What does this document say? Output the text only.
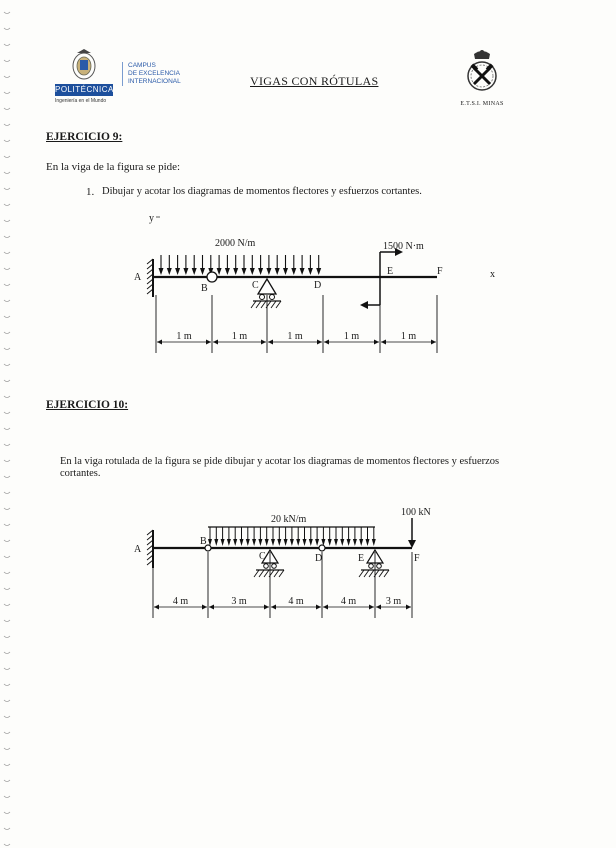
POLITÉCNICA
Ingeniería en el Mundo
CAMPUS
DE EXCELENCIA
INTERNACIONAL	VIGAS CON RÓTULAS
E.T.S.I. MINAS
EJERCICIO 9:
En la viga de la figura se pide:
1. Dibujar y acotar los diagramas de momentos flectores y esfuerzos cortantes.
y
x
A
2000 N/m
B	C	D
1500 N·m
E	F
1 m	1 m	1 m	1 m	1 m
EJERCICIO 10:
En la viga rotulada de la figura se pide dibujar y acotar los diagramas de momentos flectores y esfuerzos cortantes.
A
20 kN/m
B
C	D	E
100 kN
F
4 m	3 m	4 m	4 m	3 m
